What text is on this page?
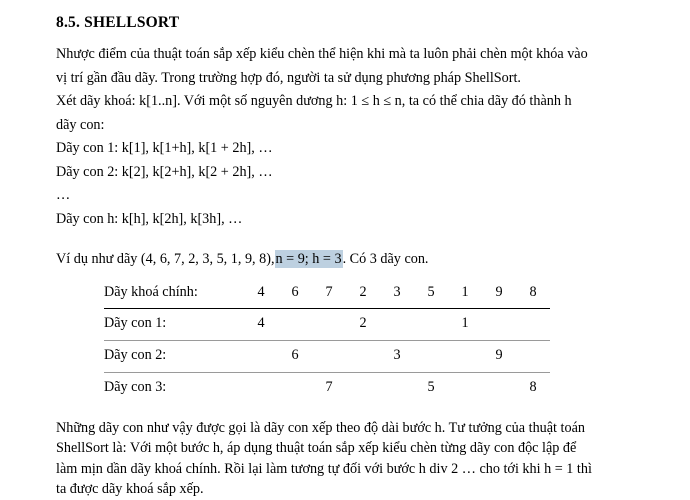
8.5. SHELLSORT

Nhược điểm của thuật toán sắp xếp kiểu chèn thể hiện khi mà ta luôn phải chèn một khóa vào

vị trí gần đầu dãy. Trong trường hợp đó, người ta sử dụng phương pháp ShellSort.

Xét dãy khoá: k[1..n]. Với một số nguyên dương h: 1 ≤ h ≤ n, ta có thể chia dãy đó thành h

dãy con:

Dãy con 1: k[1], k[1+h], k[1 + 2h], …

Dãy con 2: k[2], k[2+h], k[2 + 2h], …

…

Dãy con h: k[h], k[2h], k[3h], …

Ví dụ như dãy (4, 6, 7, 2, 3, 5, 1, 9, 8),n = 9; h = 3. Có 3 dãy con.

Dãy khoá chính:	4	6	7	2	3	5	1	9	8
Dãy con 1:	4			2			1		
Dãy con 2:		6			3			9	
Dãy con 3:			7			5			8

Những dãy con như vậy được gọi là dãy con xếp theo độ dài bước h. Tư tưởng của thuật toán

ShellSort là: Với một bước h, áp dụng thuật toán sắp xếp kiểu chèn từng dãy con độc lập để

làm mịn dần dãy khoá chính. Rồi lại làm tương tự đối với bước h div 2 … cho tới khi h = 1 thì

ta được dãy khoá sắp xếp.
